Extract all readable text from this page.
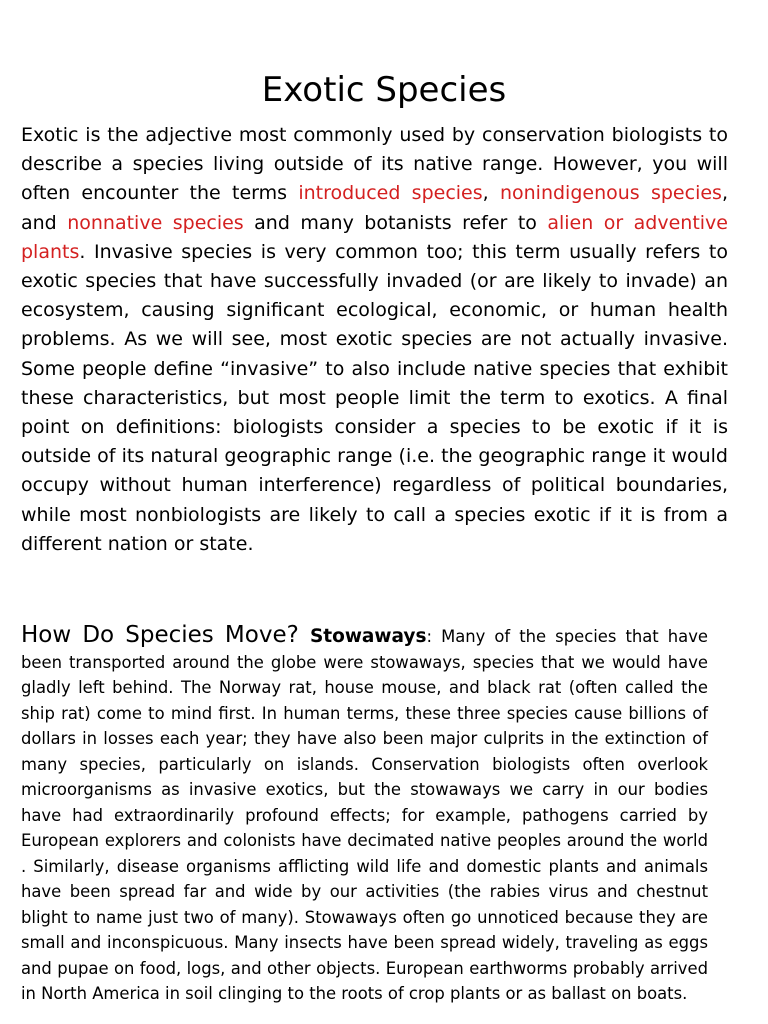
Exotic Species

Exotic is the adjective most commonly used by conservation biologists to describe a species living outside of its native range. However, you will often encounter the terms introduced species, nonindigenous species, and nonnative species and many botanists refer to alien or adventive plants. Invasive species is very common too; this term usually refers to exotic species that have successfully invaded (or are likely to invade) an ecosystem, causing significant ecological, economic, or human health problems. As we will see, most exotic species are not actually invasive. Some people define “invasive” to also include native species that exhibit these characteristics, but most people limit the term to exotics. A final point on definitions: biologists consider a species to be exotic if it is outside of its natural geographic range (i.e. the geographic range it would occupy without human interference) regardless of political boundaries, while most nonbiologists are likely to call a species exotic if it is from a different nation or state.

How Do Species Move? Stowaways: Many of the species that have been transported around the globe were stowaways, species that we would have gladly left behind. The Norway rat, house mouse, and black rat (often called the ship rat) come to mind first. In human terms, these three species cause billions of dollars in losses each year; they have also been major culprits in the extinction of many species, particularly on islands. Conservation biologists often overlook microorganisms as invasive exotics, but the stowaways we carry in our bodies have had extraordinarily profound effects; for example, pathogens carried by European explorers and colonists have decimated native peoples around the world . Similarly, disease organisms afflicting wild life and domestic plants and animals have been spread far and wide by our activities (the rabies virus and chestnut blight to name just two of many). Stowaways often go unnoticed because they are small and inconspicuous. Many insects have been spread widely, traveling as eggs and pupae on food, logs, and other objects. European earthworms probably arrived in North America in soil clinging to the roots of crop plants or as ballast on boats.
